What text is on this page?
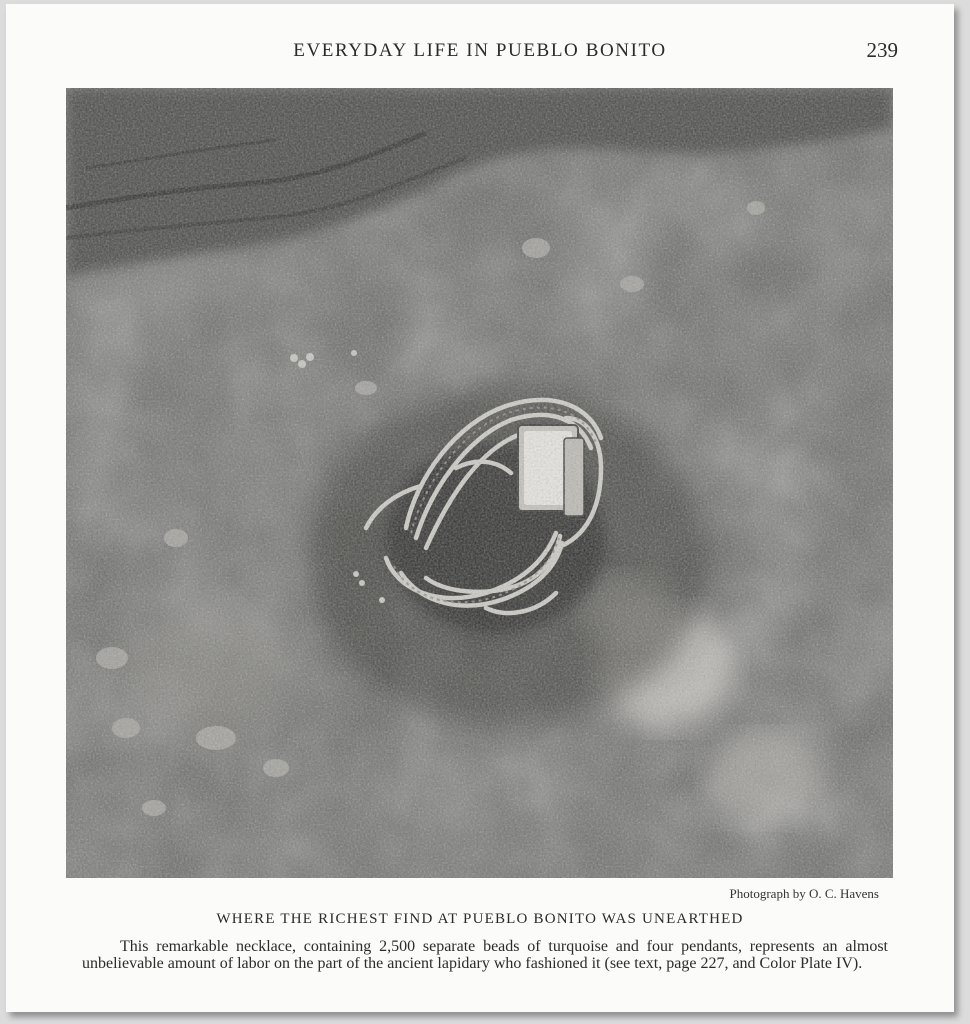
EVERYDAY LIFE IN PUEBLO BONITO	239
Photograph by O. C. Havens
WHERE THE RICHEST FIND AT PUEBLO BONITO WAS UNEARTHED
This remarkable necklace, containing 2,500 separate beads of turquoise and four pendants, represents an almost unbelievable amount of labor on the part of the ancient lapidary who fashioned it (see text, page 227, and Color Plate IV).
